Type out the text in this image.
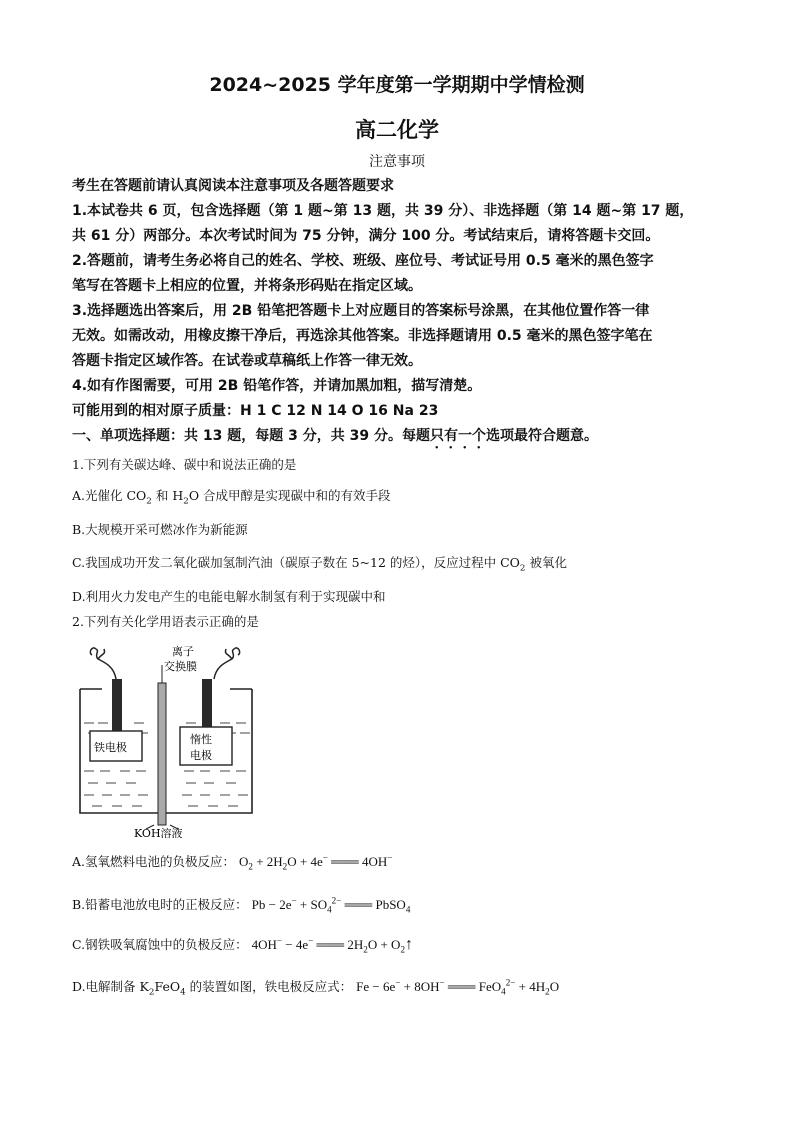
2024~2025 学年度第一学期期中学情检测
高二化学
注意事项
考生在答题前请认真阅读本注意事项及各题答题要求
1.本试卷共 6 页，包含选择题（第 1 题~第 13 题，共 39 分）、非选择题（第 14 题~第 17 题，
共 61 分）两部分。本次考试时间为 75 分钟，满分 100 分。考试结束后，请将答题卡交回。
2.答题前，请考生务必将自己的姓名、学校、班级、座位号、考试证号用 0.5 毫米的黑色签字
笔写在答题卡上相应的位置，并将条形码贴在指定区域。
3.选择题选出答案后，用 2B 铅笔把答题卡上对应题目的答案标号涂黑，在其他位置作答一律
无效。如需改动，用橡皮擦干净后，再选涂其他答案。非选择题请用 0.5 毫米的黑色签字笔在
答题卡指定区域作答。在试卷或草稿纸上作答一律无效。
4.如有作图需要，可用 2B 铅笔作答，并请加黑加粗，描写清楚。
可能用到的相对原子质量：H 1 C 12 N 14 O 16 Na 23
一、单项选择题：共 13 题，每题 3 分，共 39 分。每题只有一个选项最符合题意。
1.下列有关碳达峰、碳中和说法正确的是
A.光催化 $CO_2$ 和 $H_2O$ 合成甲醇是实现碳中和的有效手段
B.大规模开采可燃冰作为新能源
C.我国成功开发二氧化碳加氢制汽油（碳原子数在 5~12 的烃），反应过程中 $CO_2$ 被氧化
D.利用火力发电产生的电能电解水制氢有利于实现碳中和
2.下列有关化学用语表示正确的是
离子
交换膜
铁电极
惰性
电极
KOH溶液
A.氢氧燃料电池的负极反应： $O_2 + 2H_2O + 4e^-$ ═══ 4OH−
B.铅蓄电池放电时的正极反应： $Pb - 2e^- + SO_4^{2-}$ ═══ PbSO$_4$
C.钢铁吸氧腐蚀中的负极反应： 4OH− − 4e− ═══ $2H_2O$ + $O_2↑$
D.电解制备 $K_2FeO_4$ 的装置如图，铁电极反应式： Fe − 6e− + 8OH− ═══ $FeO_4^{2-} + 4H_2O$
